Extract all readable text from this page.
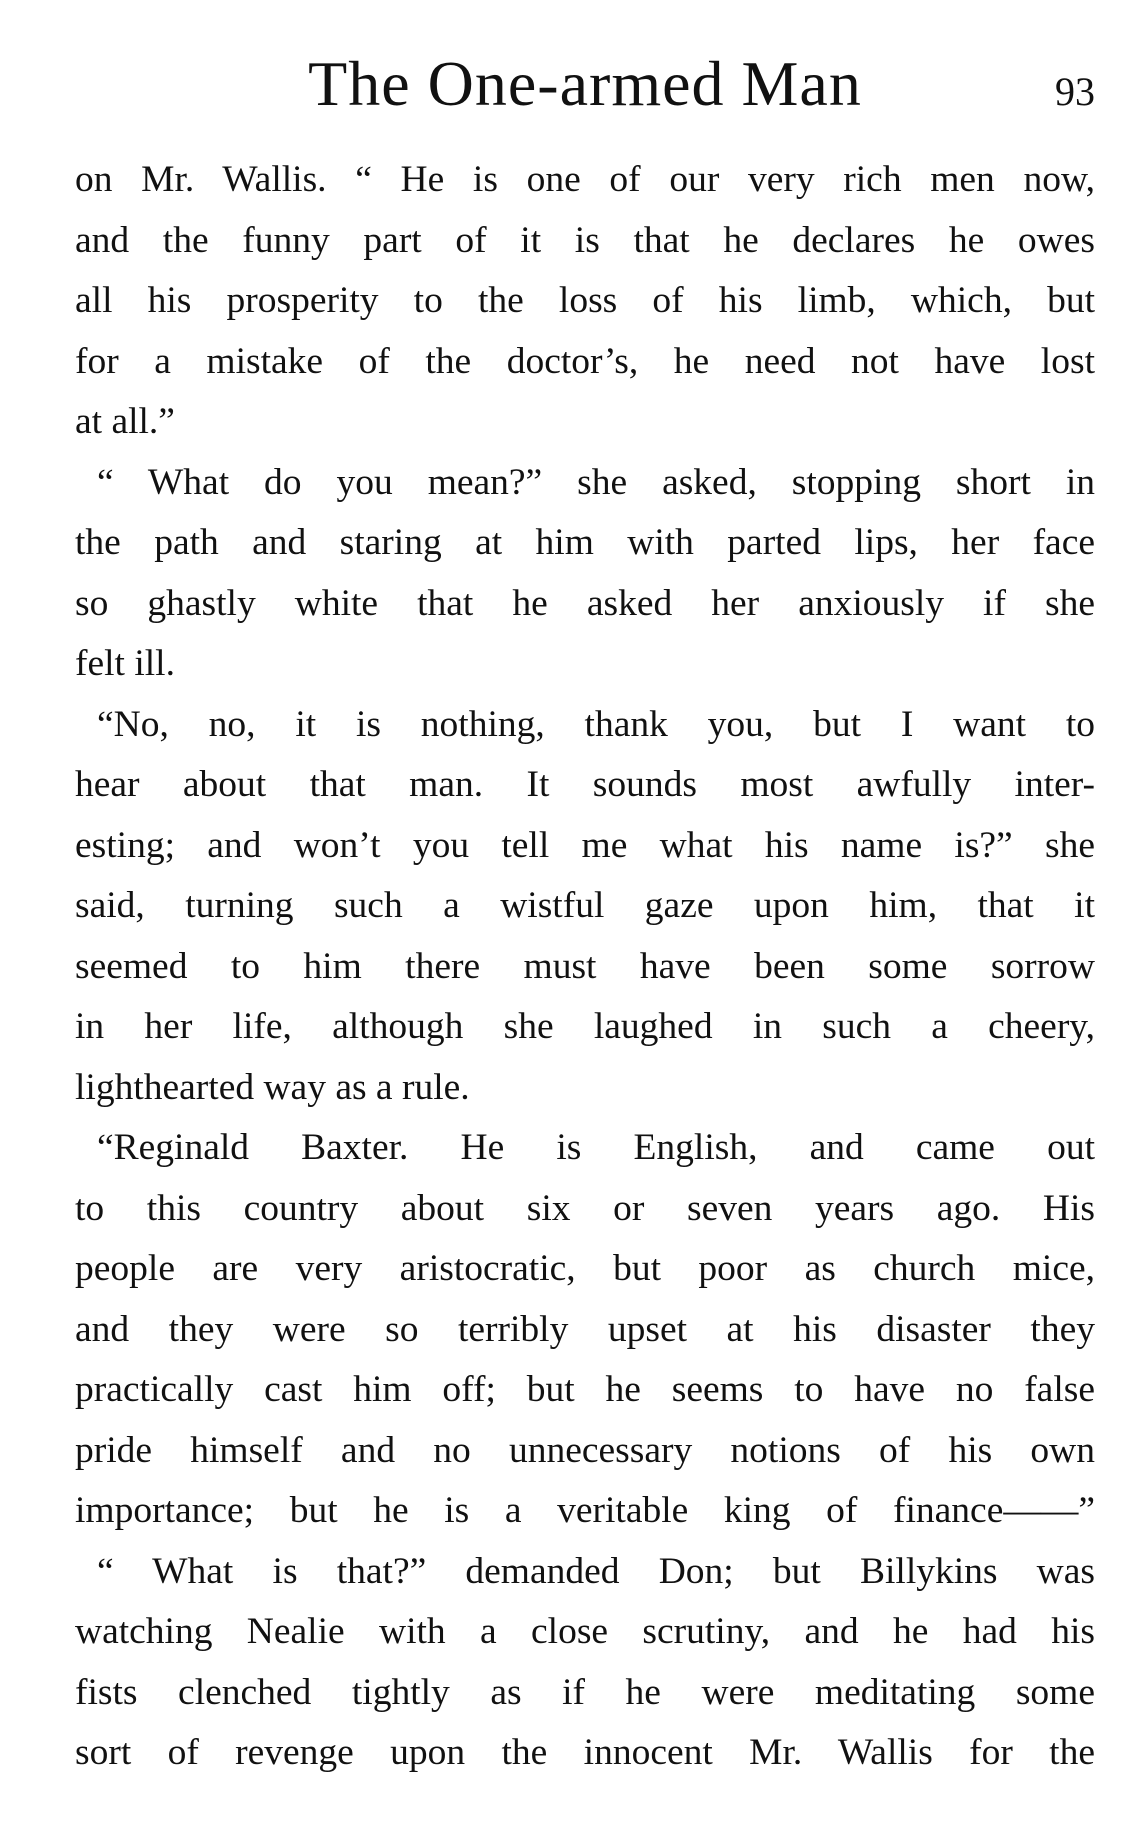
The One-armed Man	93
on Mr. Wallis. “ He is one of our very rich men now,
and the funny part of it is that he declares he owes
all his prosperity to the loss of his limb, which, but
for a mistake of the doctor’s, he need not have lost
at all.”
“ What do you mean?” she asked, stopping short in
the path and staring at him with parted lips, her face
so ghastly white that he asked her anxiously if she
felt ill.
“No, no, it is nothing, thank you, but I want to
hear about that man. It sounds most awfully inter-
esting; and won’t you tell me what his name is?” she
said, turning such a wistful gaze upon him, that it
seemed to him there must have been some sorrow
in her life, although she laughed in such a cheery,
lighthearted way as a rule.
“Reginald Baxter. He is English, and came out
to this country about six or seven years ago. His
people are very aristocratic, but poor as church mice,
and they were so terribly upset at his disaster they
practically cast him off; but he seems to have no false
pride himself and no unnecessary notions of his own
importance; but he is a veritable king of finance——”
“ What is that?” demanded Don; but Billykins was
watching Nealie with a close scrutiny, and he had his
fists clenched tightly as if he were meditating some
sort of revenge upon the innocent Mr. Wallis for the
